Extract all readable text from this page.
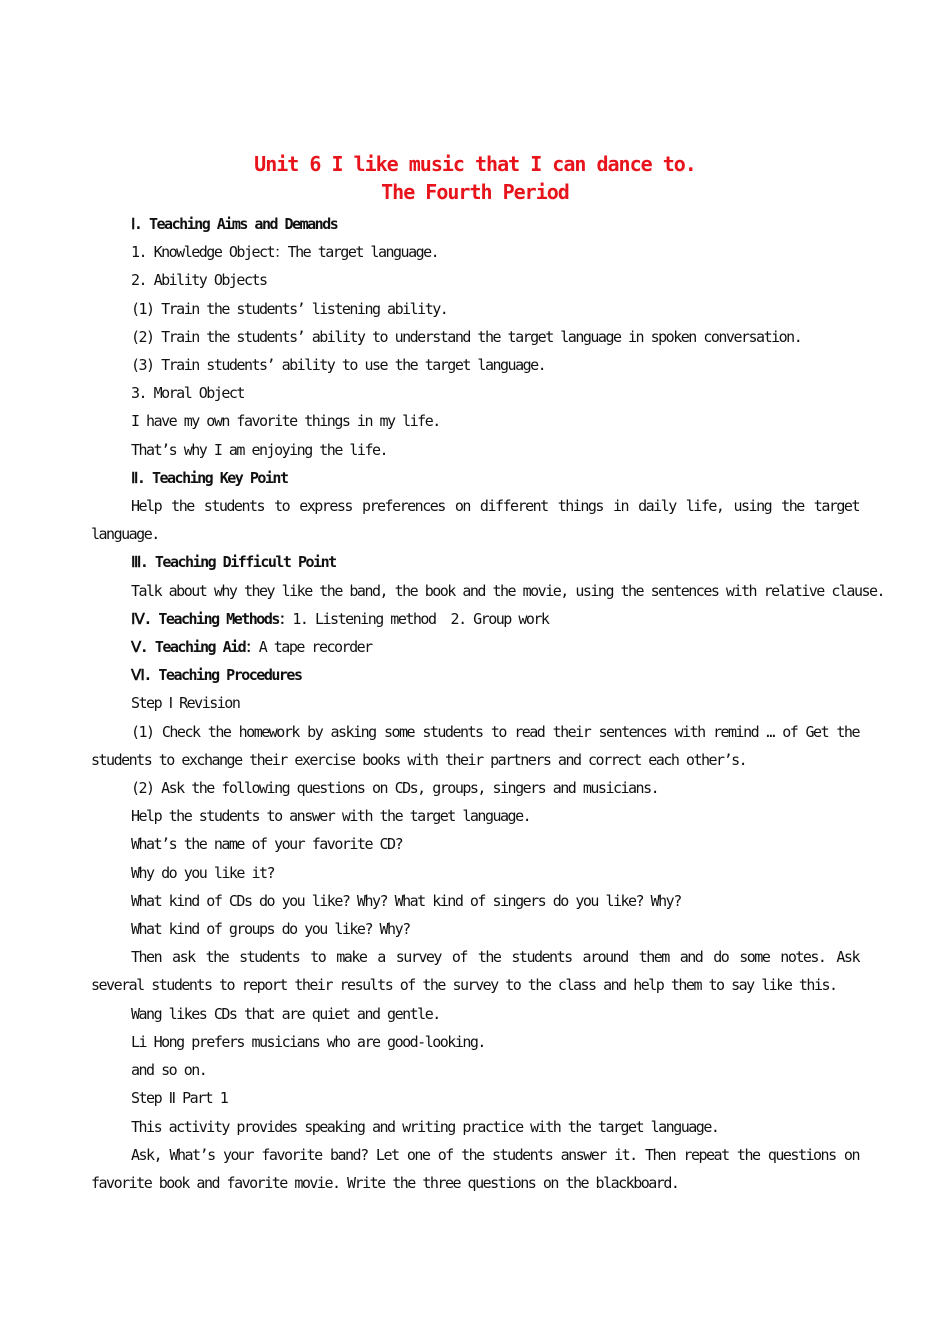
Unit 6 I like music that I can dance to.
The Fourth Period

Ⅰ. Teaching Aims and Demands

1. Knowledge Object：The target language.

2. Ability Objects

(1) Train the students’ listening ability.

(2) Train the students’ ability to understand the target language in spoken conversation.

(3) Train students’ ability to use the target language.

3. Moral Object

I have my own favorite things in my life.

That’s why I am enjoying the life.

Ⅱ. Teaching Key Point

Help the students to express preferences on different things in daily life, using the target language.

Ⅲ. Teaching Difficult Point

Talk about why they like the band, the book and the movie, using the sentences with relative clause.

Ⅳ. Teaching Methods：1. Listening method  2. Group work

Ⅴ. Teaching Aid：A tape recorder

Ⅵ. Teaching Procedures

Step Ⅰ Revision

(1) Check the homework by asking some students to read their sentences with remind … of Get the students to exchange their exercise books with their partners and correct each other’s.

(2) Ask the following questions on CDs, groups, singers and musicians.

Help the students to answer with the target language.

What’s the name of your favorite CD?

Why do you like it?

What kind of CDs do you like? Why? What kind of singers do you like? Why?

What kind of groups do you like? Why?

Then ask the students to make a survey of the students around them and do some notes. Ask several students to report their results of the survey to the class and help them to say like this.

Wang likes CDs that are quiet and gentle.

Li Hong prefers musicians who are good-looking.

and so on.

Step Ⅱ Part 1

This activity provides speaking and writing practice with the target language.

Ask, What’s your favorite band? Let one of the students answer it. Then repeat the questions on favorite book and favorite movie. Write the three questions on the blackboard.
